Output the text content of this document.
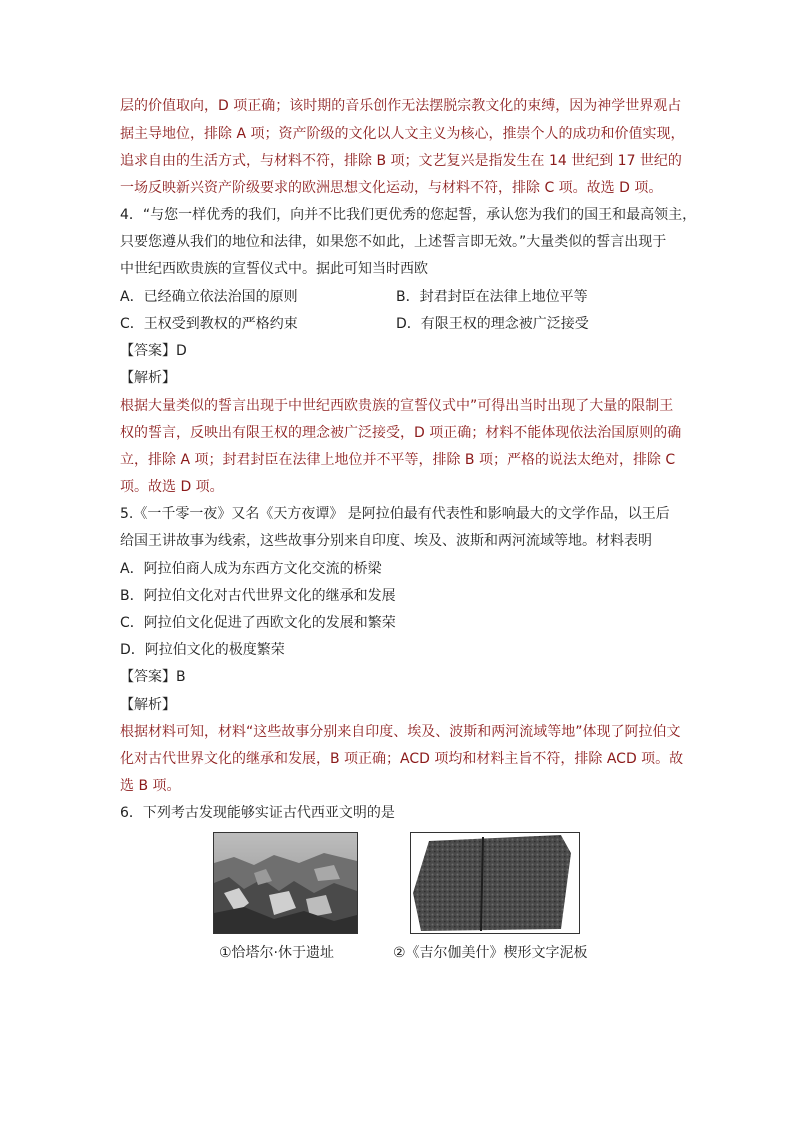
层的价值取向，D 项正确；该时期的音乐创作无法摆脱宗教文化的束缚，因为神学世界观占
据主导地位，排除 A 项；资产阶级的文化以人文主义为核心，推崇个人的成功和价值实现，
追求自由的生活方式，与材料不符，排除 B 项；文艺复兴是指发生在 14 世纪到 17 世纪的
一场反映新兴资产阶级要求的欧洲思想文化运动，与材料不符，排除 C 项。故选 D 项。
4．“与您一样优秀的我们，向并不比我们更优秀的您起誓，承认您为我们的国王和最高领主，
只要您遵从我们的地位和法律，如果您不如此，上述誓言即无效。”大量类似的誓言出现于
中世纪西欧贵族的宣誓仪式中。据此可知当时西欧
A．已经确立依法治国的原则	B．封君封臣在法律上地位平等
C．王权受到教权的严格约束	D．有限王权的理念被广泛接受
【答案】D
【解析】
根据大量类似的誓言出现于中世纪西欧贵族的宣誓仪式中”可得出当时出现了大量的限制王
权的誓言，反映出有限王权的理念被广泛接受，D 项正确；材料不能体现依法治国原则的确
立，排除 A 项；封君封臣在法律上地位并不平等，排除 B 项；严格的说法太绝对，排除 C
项。故选 D 项。
5.《一千零一夜》又名《天方夜谭》 是阿拉伯最有代表性和影响最大的文学作品，以王后
给国王讲故事为线索，这些故事分别来自印度、埃及、波斯和两河流域等地。材料表明
A．阿拉伯商人成为东西方文化交流的桥梁
B．阿拉伯文化对古代世界文化的继承和发展
C．阿拉伯文化促进了西欧文化的发展和繁荣
D．阿拉伯文化的极度繁荣
【答案】B
【解析】
根据材料可知，材料“这些故事分别来自印度、埃及、波斯和两河流域等地”体现了阿拉伯文
化对古代世界文化的继承和发展，B 项正确；ACD 项均和材料主旨不符，排除 ACD 项。故
选 B 项。
6．下列考古发现能够实证古代西亚文明的是
①恰塔尔·休于遗址	②《吉尔伽美什》楔形文字泥板
